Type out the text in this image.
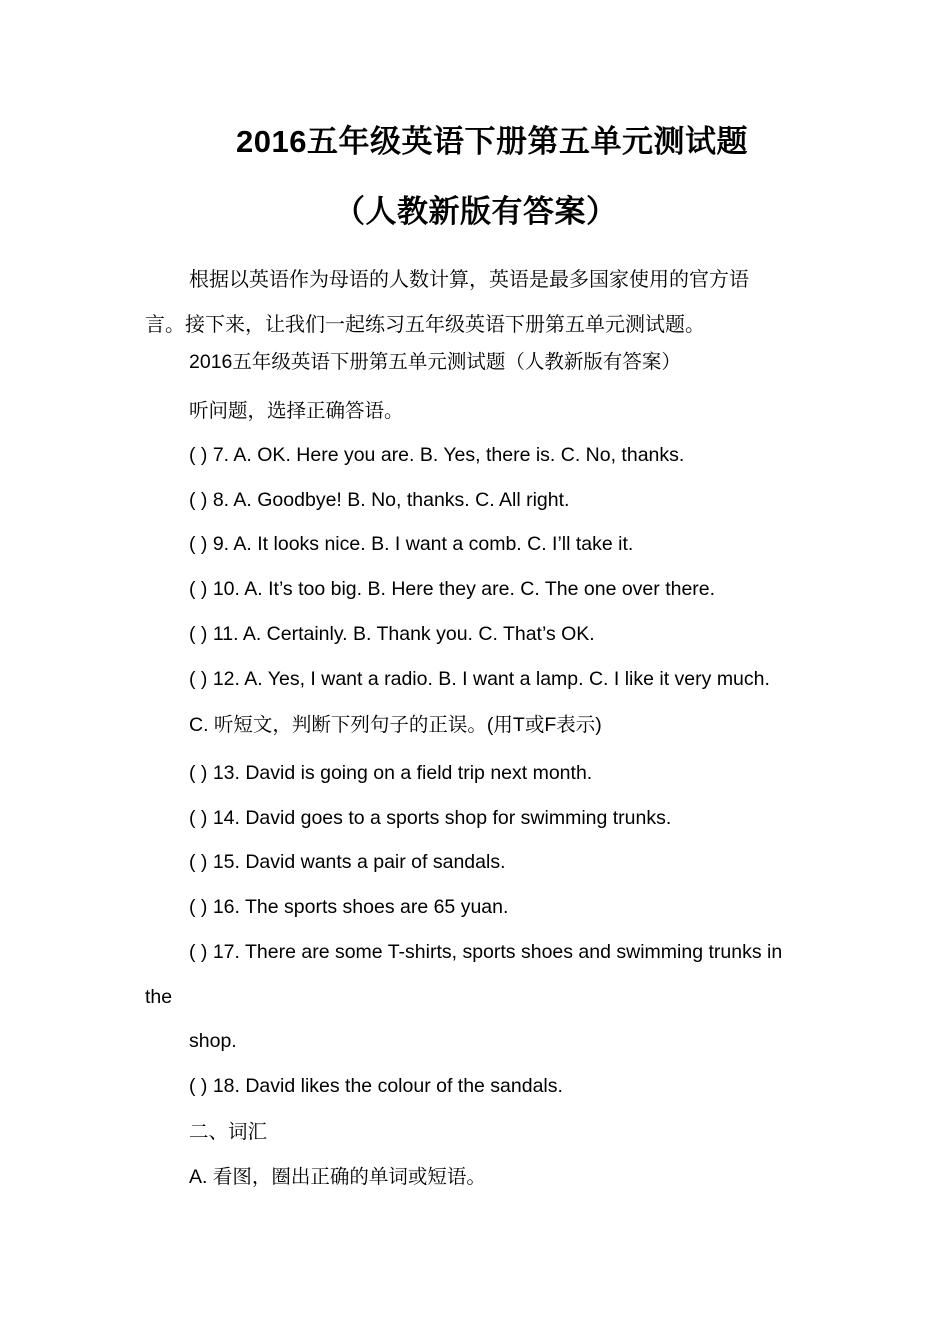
2016五年级英语下册第五单元测试题
（人教新版有答案）
根据以英语作为母语的人数计算，英语是最多国家使用的官方语
言。接下来，让我们一起练习五年级英语下册第五单元测试题。
2016五年级英语下册第五单元测试题（人教新版有答案）
听问题，选择正确答语。
( ) 7. A. OK. Here you are. B. Yes, there is. C. No, thanks.
( ) 8. A. Goodbye! B. No, thanks. C. All right.
( ) 9. A. It looks nice. B. I want a comb. C. I’ll take it.
( ) 10. A. It’s too big. B. Here they are. C. The one over there.
( ) 11. A. Certainly. B. Thank you. C. That’s OK.
( ) 12. A. Yes, I want a radio. B. I want a lamp. C. I like it very much.
C. 听短文，判断下列句子的正误。(用T或F表示)
( ) 13. David is going on a field trip next month.
( ) 14. David goes to a sports shop for swimming trunks.
( ) 15. David wants a pair of sandals.
( ) 16. The sports shoes are 65 yuan.
( ) 17. There are some T-shirts, sports shoes and swimming trunks in
the
shop.
( ) 18. David likes the colour of the sandals.
二、词汇
A. 看图，圈出正确的单词或短语。
